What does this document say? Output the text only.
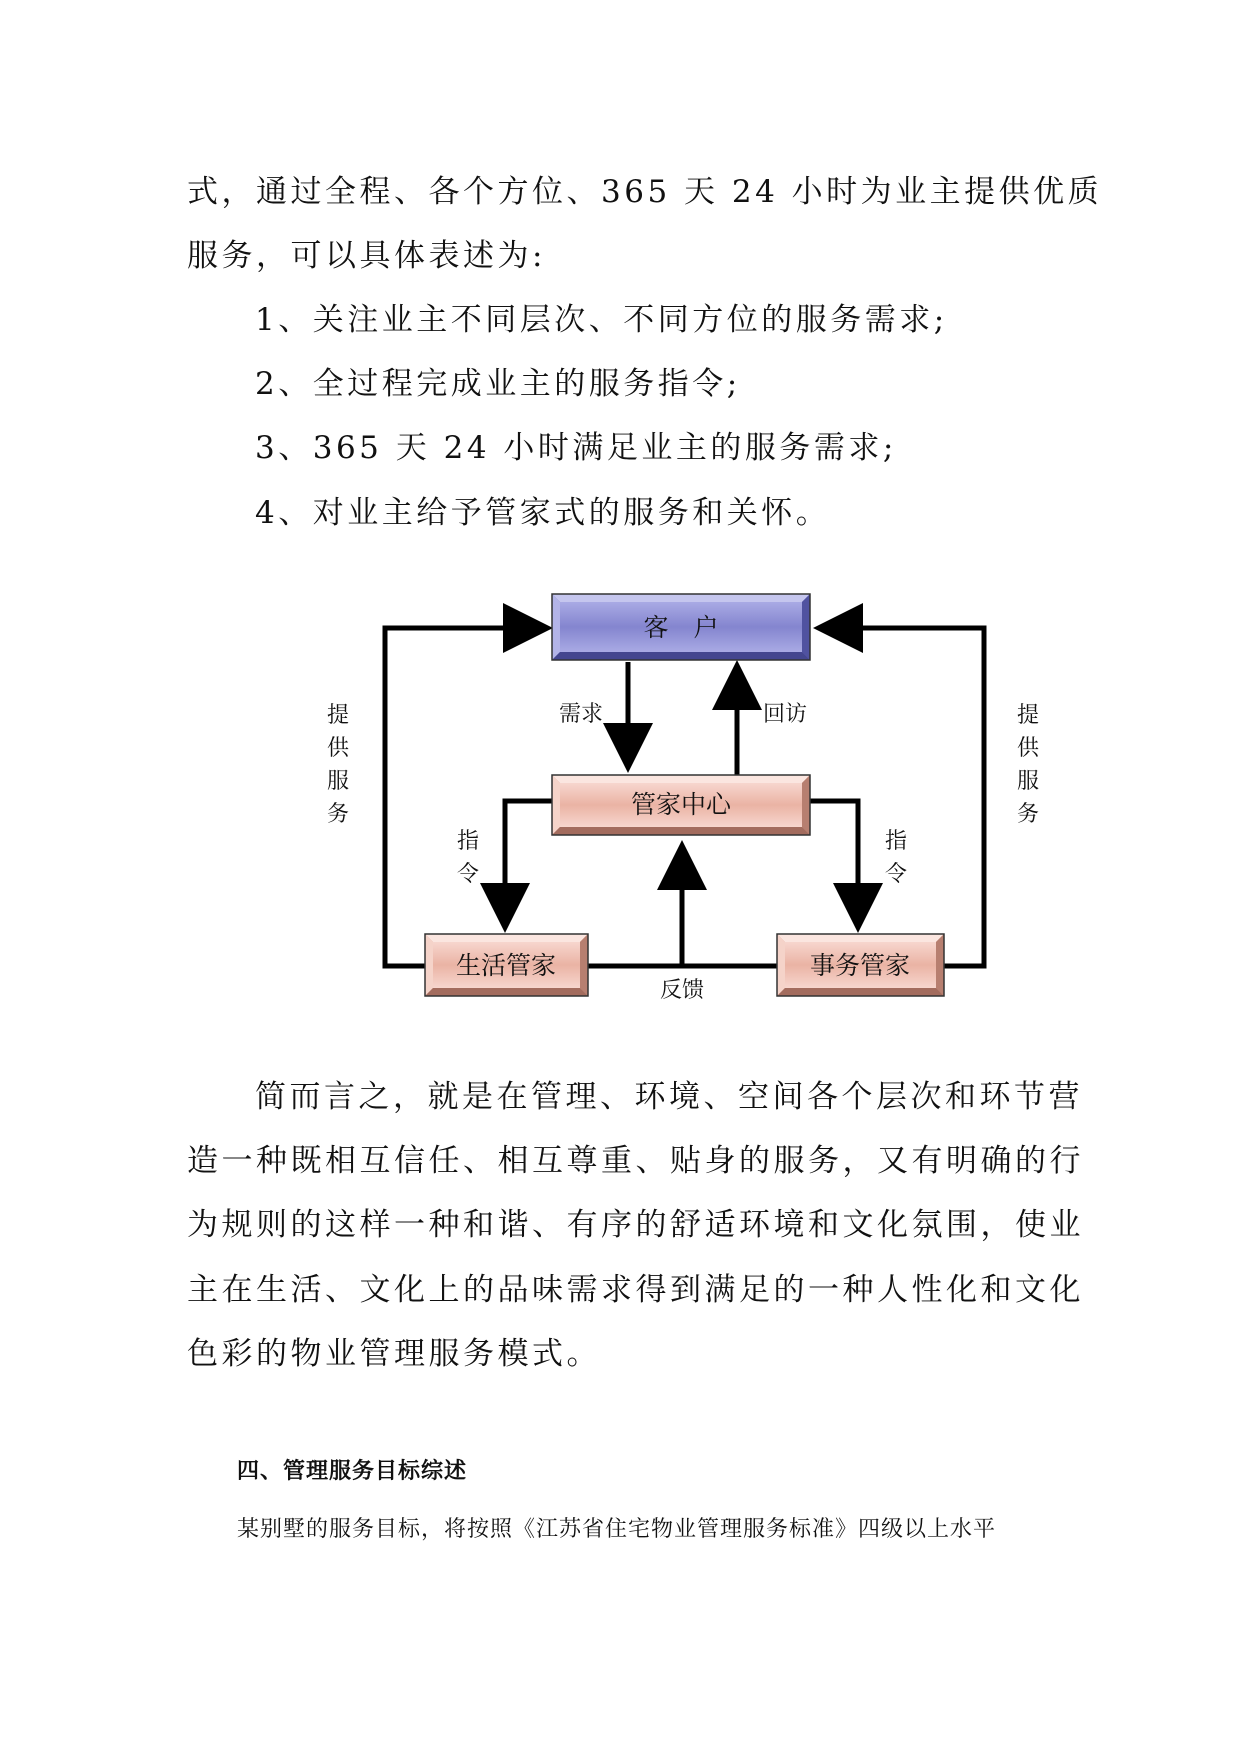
式，通过全程、各个方位、365 天 24 小时为业主提供优质
服务，可以具体表述为:
1、关注业主不同层次、不同方位的服务需求;
2、全过程完成业主的服务指令;
3、365 天 24 小时满足业主的服务需求;
4、对业主给予管家式的服务和关怀。
客　户
管家中心
生活管家	事务管家
需求	回访
反馈
指令
指令
提供服务
提供服务
简而言之，就是在管理、环境、空间各个层次和环节营
造一种既相互信任、相互尊重、贴身的服务，又有明确的行
为规则的这样一种和谐、有序的舒适环境和文化氛围，使业
主在生活、文化上的品味需求得到满足的一种人性化和文化
色彩的物业管理服务模式。
四、管理服务目标综述
某别墅的服务目标，将按照《江苏省住宅物业管理服务标准》四级以上水平
